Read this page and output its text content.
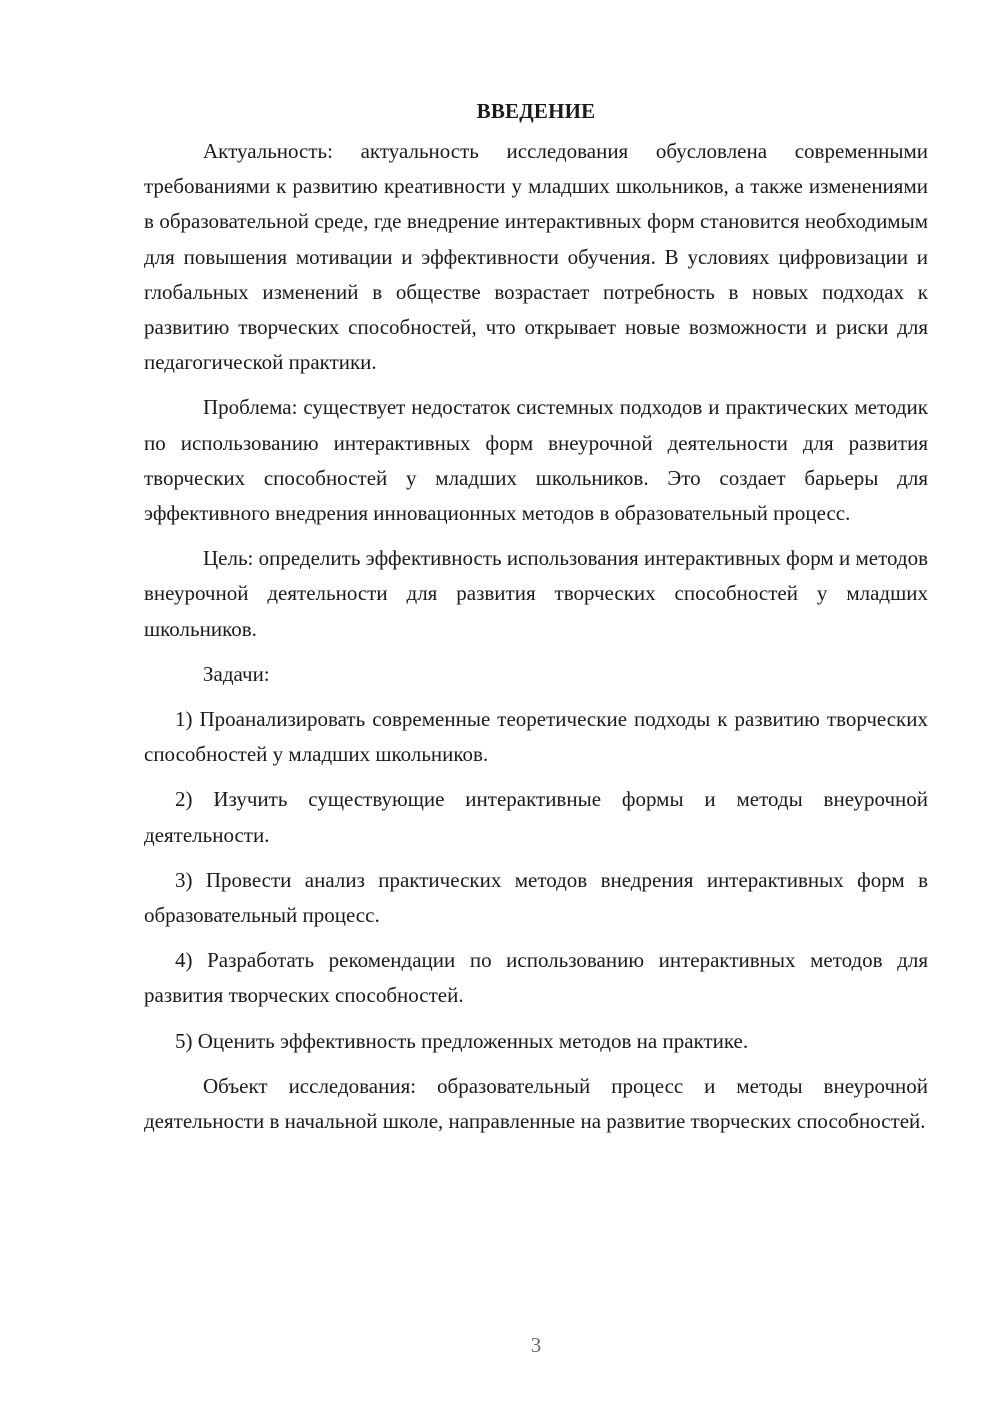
ВВЕДЕНИЕ

Актуальность: актуальность исследования обусловлена современными требованиями к развитию креативности у младших школьников, а также изменениями в образовательной среде, где внедрение интерактивных форм становится необходимым для повышения мотивации и эффективности обучения. В условиях цифровизации и глобальных изменений в обществе возрастает потребность в новых подходах к развитию творческих способностей, что открывает новые возможности и риски для педагогической практики.

Проблема: существует недостаток системных подходов и практических методик по использованию интерактивных форм внеурочной деятельности для развития творческих способностей у младших школьников. Это создает барьеры для эффективного внедрения инновационных методов в образовательный процесс.

Цель: определить эффективность использования интерактивных форм и методов внеурочной деятельности для развития творческих способностей у младших школьников.

Задачи:

1) Проанализировать современные теоретические подходы к развитию творческих способностей у младших школьников.

2) Изучить существующие интерактивные формы и методы внеурочной деятельности.

3) Провести анализ практических методов внедрения интерактивных форм в образовательный процесс.

4) Разработать рекомендации по использованию интерактивных методов для развития творческих способностей.

5) Оценить эффективность предложенных методов на практике.

Объект исследования: образовательный процесс и методы внеурочной деятельности в начальной школе, направленные на развитие творческих способностей.

3
